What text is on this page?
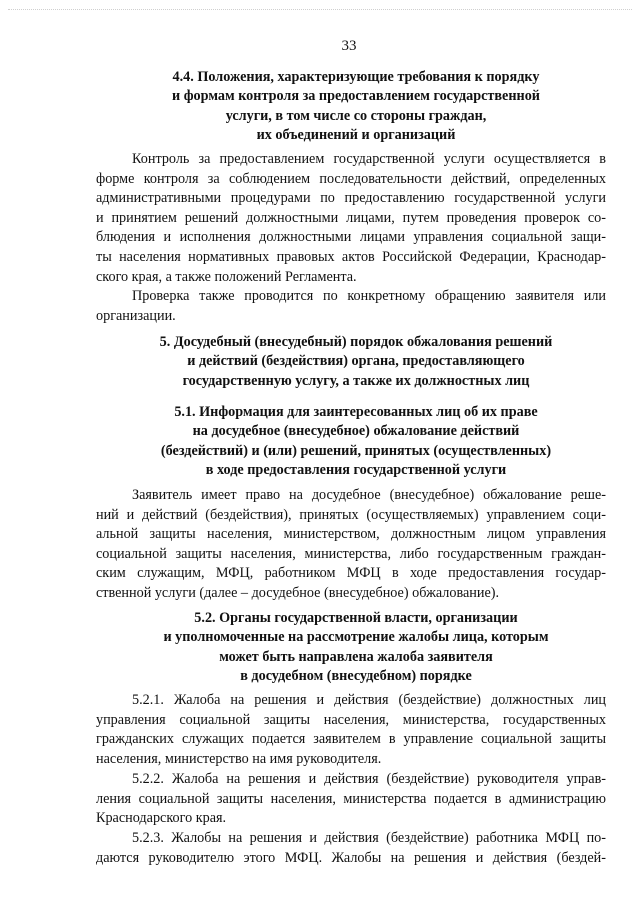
33
4.4. Положения, характеризующие требования к порядку
и формам контроля за предоставлением государственной
услуги, в том числе со стороны граждан,
их объединений и организаций
Контроль за предоставлением государственной услуги осуществляется в
форме контроля за соблюдением последовательности действий, определенных
административными процедурами по предоставлению государственной услуги
и принятием решений должностными лицами, путем проведения проверок со-
блюдения и исполнения должностными лицами управления социальной защи-
ты населения нормативных правовых актов Российской Федерации, Краснодар-
ского края, а также положений Регламента.
Проверка также проводится по конкретному обращению заявителя или
организации.
5. Досудебный (внесудебный) порядок обжалования решений
и действий (бездействия) органа, предоставляющего
государственную услугу, а также их должностных лиц
5.1. Информация для заинтересованных лиц об их праве
на досудебное (внесудебное) обжалование действий
(бездействий) и (или) решений, принятых (осуществленных)
в ходе предоставления государственной услуги
Заявитель имеет право на досудебное (внесудебное) обжалование реше-
ний и действий (бездействия), принятых (осуществляемых) управлением соци-
альной защиты населения, министерством, должностным лицом управления
социальной защиты населения, министерства, либо государственным граждан-
ским служащим, МФЦ, работником МФЦ в ходе предоставления государ-
ственной услуги (далее – досудебное (внесудебное) обжалование).
5.2. Органы государственной власти, организации
и уполномоченные на рассмотрение жалобы лица, которым
может быть направлена жалоба заявителя
в досудебном (внесудебном) порядке
5.2.1. Жалоба на решения и действия (бездействие) должностных лиц
управления социальной защиты населения, министерства, государственных
гражданских служащих подается заявителем в управление социальной защиты
населения, министерство на имя руководителя.
5.2.2. Жалоба на решения и действия (бездействие) руководителя управ-
ления социальной защиты населения, министерства подается в администрацию
Краснодарского края.
5.2.3. Жалобы на решения и действия (бездействие) работника МФЦ по-
даются руководителю этого МФЦ. Жалобы на решения и действия (бездей-
